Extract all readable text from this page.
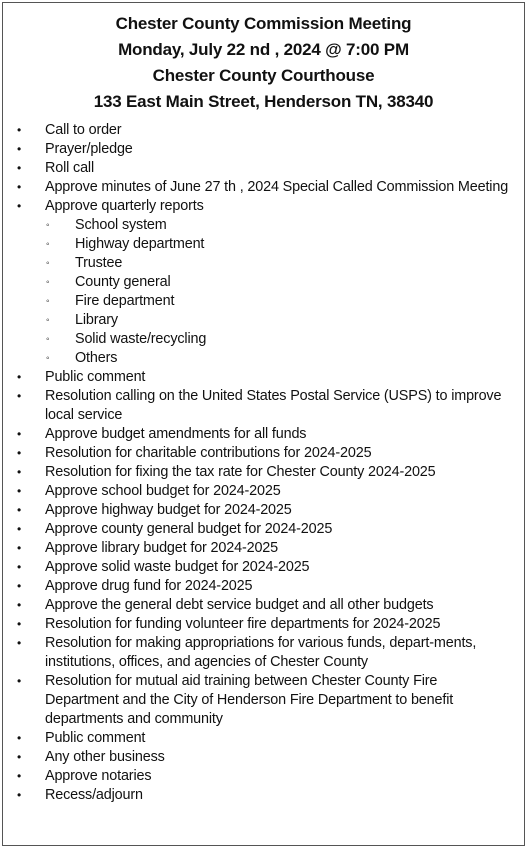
Chester County Commission Meeting
Monday, July 22 nd , 2024 @ 7:00 PM
Chester County Courthouse
133 East Main Street, Henderson TN, 38340
• Call to order
• Prayer/pledge
• Roll call
• Approve minutes of June 27 th , 2024 Special Called Commission Meeting
• Approve quarterly reports
◦ School system
◦ Highway department
◦ Trustee
◦ County general
◦ Fire department
◦ Library
◦ Solid waste/recycling
◦ Others
• Public comment
• Resolution calling on the United States Postal Service (USPS) to improve local service
• Approve budget amendments for all funds
• Resolution for charitable contributions for 2024-2025
• Resolution for fixing the tax rate for Chester County 2024-2025
• Approve school budget for 2024-2025
• Approve highway budget for 2024-2025
• Approve county general budget for 2024-2025
• Approve library budget for 2024-2025
• Approve solid waste budget for 2024-2025
• Approve drug fund for 2024-2025
• Approve the general debt service budget and all other budgets
• Resolution for funding volunteer fire departments for 2024-2025
• Resolution for making appropriations for various funds, depart-ments, institutions, offices, and agencies of Chester County
• Resolution for mutual aid training between Chester County Fire Department and the City of Henderson Fire Department to benefit departments and community
• Public comment
• Any other business
• Approve notaries
• Recess/adjourn
